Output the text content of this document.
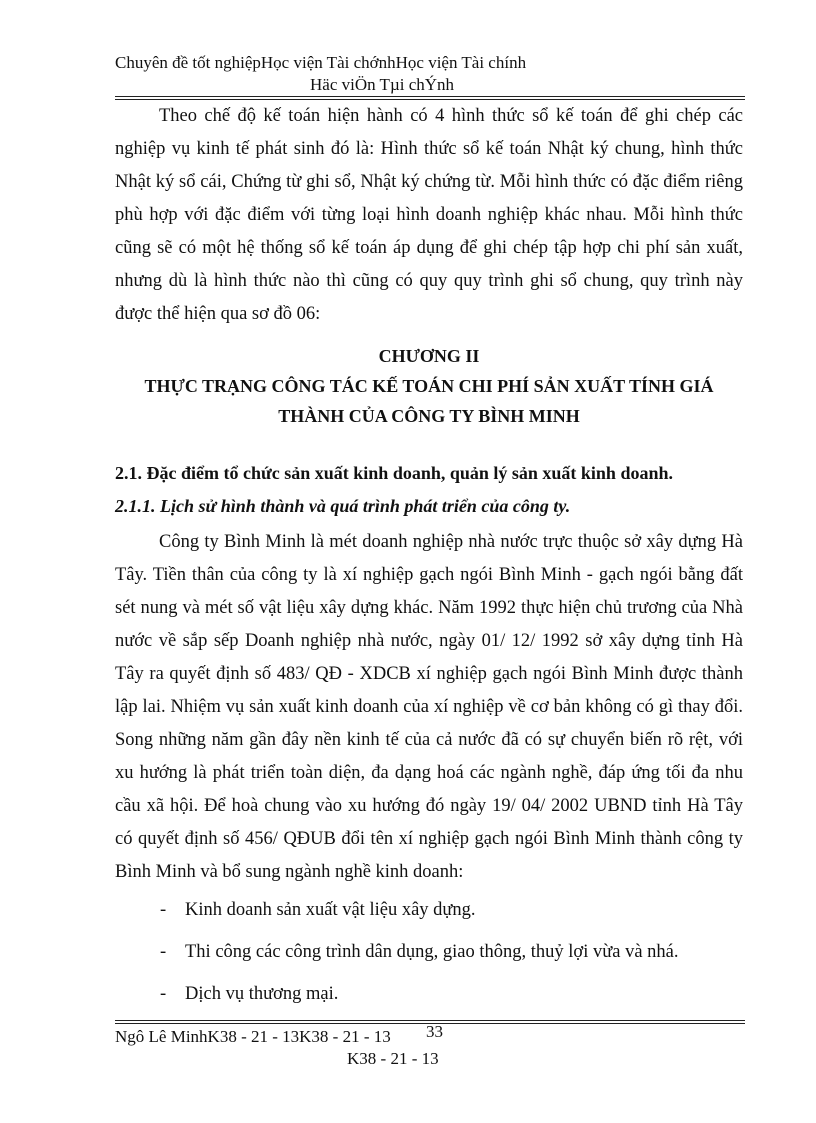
Chuyên đề tốt nghiệpHọc viện Tài chớnhHọc viện Tài chính
Häc viÖn Tµi chÝnh

Theo chế độ kế toán hiện hành có 4 hình thức sổ kế toán để ghi chép các nghiệp vụ kinh tế phát sinh đó là: Hình thức sổ kế toán Nhật ký chung, hình thức Nhật ký sổ cái, Chứng từ ghi sổ, Nhật ký chứng từ. Mỗi hình thức có đặc điểm riêng phù hợp với đặc điểm với từng loại hình doanh nghiệp khác nhau. Mỗi hình thức cũng sẽ có một hệ thống sổ kế toán áp dụng để ghi chép tập hợp chi phí sản xuất, nhưng dù là hình thức nào thì cũng có quy quy trình ghi sổ chung, quy trình này được thể hiện qua sơ đồ 06:

CHƯƠNG II
THỰC TRẠNG CÔNG TÁC KẾ TOÁN CHI PHÍ SẢN XUẤT TÍNH GIÁ
THÀNH CỦA CÔNG TY BÌNH MINH
2.1. Đặc điểm tổ chức sản xuất kinh doanh, quản lý sản xuất kinh doanh.
2.1.1. Lịch sử hình thành và quá trình phát triển của công ty.

Công ty Bình Minh là mét doanh nghiệp nhà nước trực thuộc sở xây dựng Hà Tây. Tiền thân của công ty là xí nghiệp gạch ngói Bình Minh - gạch ngói bằng đất sét nung và mét số vật liệu xây dựng khác. Năm 1992 thực hiện chủ trương của Nhà nước về sắp sếp Doanh nghiệp nhà nước, ngày 01/ 12/ 1992 sở xây dựng tỉnh Hà Tây ra quyết định số 483/ QĐ - XDCB xí nghiệp gạch ngói Bình Minh được thành lập lai. Nhiệm vụ sản xuất kinh doanh của xí nghiệp về cơ bản không có gì thay đổi. Song những năm gần đây nền kinh tế của cả nước đã có sự chuyển biến rõ rệt, với xu hướng là phát triển toàn diện, đa dạng hoá các ngành nghề, đáp ứng tối đa nhu cầu xã hội. Để hoà chung vào xu hướng đó ngày 19/ 04/ 2002 UBND tỉnh Hà Tây có quyết định số 456/ QĐUB đổi tên xí nghiệp gạch ngói Bình Minh thành công ty Bình Minh và bổ sung ngành nghề kinh doanh:

- Kinh doanh sản xuất vật liệu xây dựng.
- Thi công các công trình dân dụng, giao thông, thuỷ lợi vừa và nhá.
- Dịch vụ thương mại.
Ngô Lê MinhK38 - 21 - 13K38 - 21 - 13
K38 - 21 - 13
33
